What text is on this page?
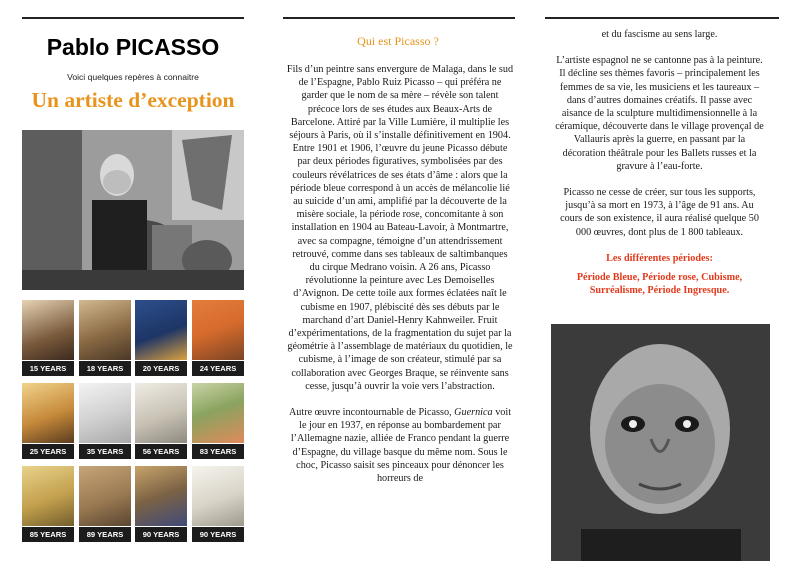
Pablo PICASSO
Voici quelques repères à connaitre
Un artiste d’exception
15 YEARS	18 YEARS	20 YEARS	24 YEARS
25 YEARS	35 YEARS	56 YEARS	83 YEARS
85 YEARS	89 YEARS	90 YEARS	90 YEARS
Qui est Picasso ?

Fils d’un peintre sans envergure de Malaga, dans le sud de l’Espagne, Pablo Ruiz Picasso – qui préféra ne garder que le nom de sa mère – révèle son talent précoce lors de ses études aux Beaux-Arts de Barcelone. Attiré par la Ville Lumière, il multiplie les séjours à Paris, où il s’installe définitivement en 1904. Entre 1901 et 1906, l’œuvre du jeune Picasso débute par deux périodes figuratives, symbolisées par des couleurs révélatrices de ses états d’âme : alors que la période bleue correspond à un accès de mélancolie lié au suicide d’un ami, amplifié par la découverte de la misère sociale, la période rose, concomitante à son installation en 1904 au Bateau-Lavoir, à Montmartre, avec sa compagne, témoigne d’un attendrissement retrouvé, comme dans ses tableaux de saltimbanques du cirque Medrano voisin. A 26 ans, Picasso révolutionne la peinture avec Les Demoiselles d’Avignon. De cette toile aux formes éclatées naît le cubisme en 1907, plébiscité dès ses débuts par le marchand d’art Daniel-Henry Kahnweiler. Fruit d’expérimentations, de la fragmentation du sujet par la géométrie à l’assemblage de matériaux du quotidien, le cubisme, à l’image de son créateur, stimulé par sa collaboration avec Georges Braque, se réinvente sans cesse, jusqu’à ouvrir la voie vers l’abstraction.

Autre œuvre incontournable de Picasso, Guernica voit le jour en 1937, en réponse au bombardement par l’Allemagne nazie, alliée de Franco pendant la guerre d’Espagne, du village basque du même nom. Sous le choc, Picasso saisit ses pinceaux pour dénoncer les horreurs de

et du fascisme au sens large.

L’artiste espagnol ne se cantonne pas à la peinture. Il décline ses thèmes favoris – principalement les femmes de sa vie, les musiciens et les taureaux – dans d’autres domaines créatifs. Il passe avec aisance de la sculpture multidimensionnelle à la céramique, découverte dans le village provençal de Vallauris après la guerre, en passant par la décoration théâtrale pour les Ballets russes et la gravure à l’eau-forte.

Picasso ne cesse de créer, sur tous les supports, jusqu’à sa mort en 1973, à l’âge de 91 ans. Au cours de son existence, il aura réalisé quelque 50 000 œuvres, dont plus de 1 800 tableaux.

Les différentes périodes:

Période Bleue, Période rose, Cubisme, Surréalisme, Période Ingresque.
